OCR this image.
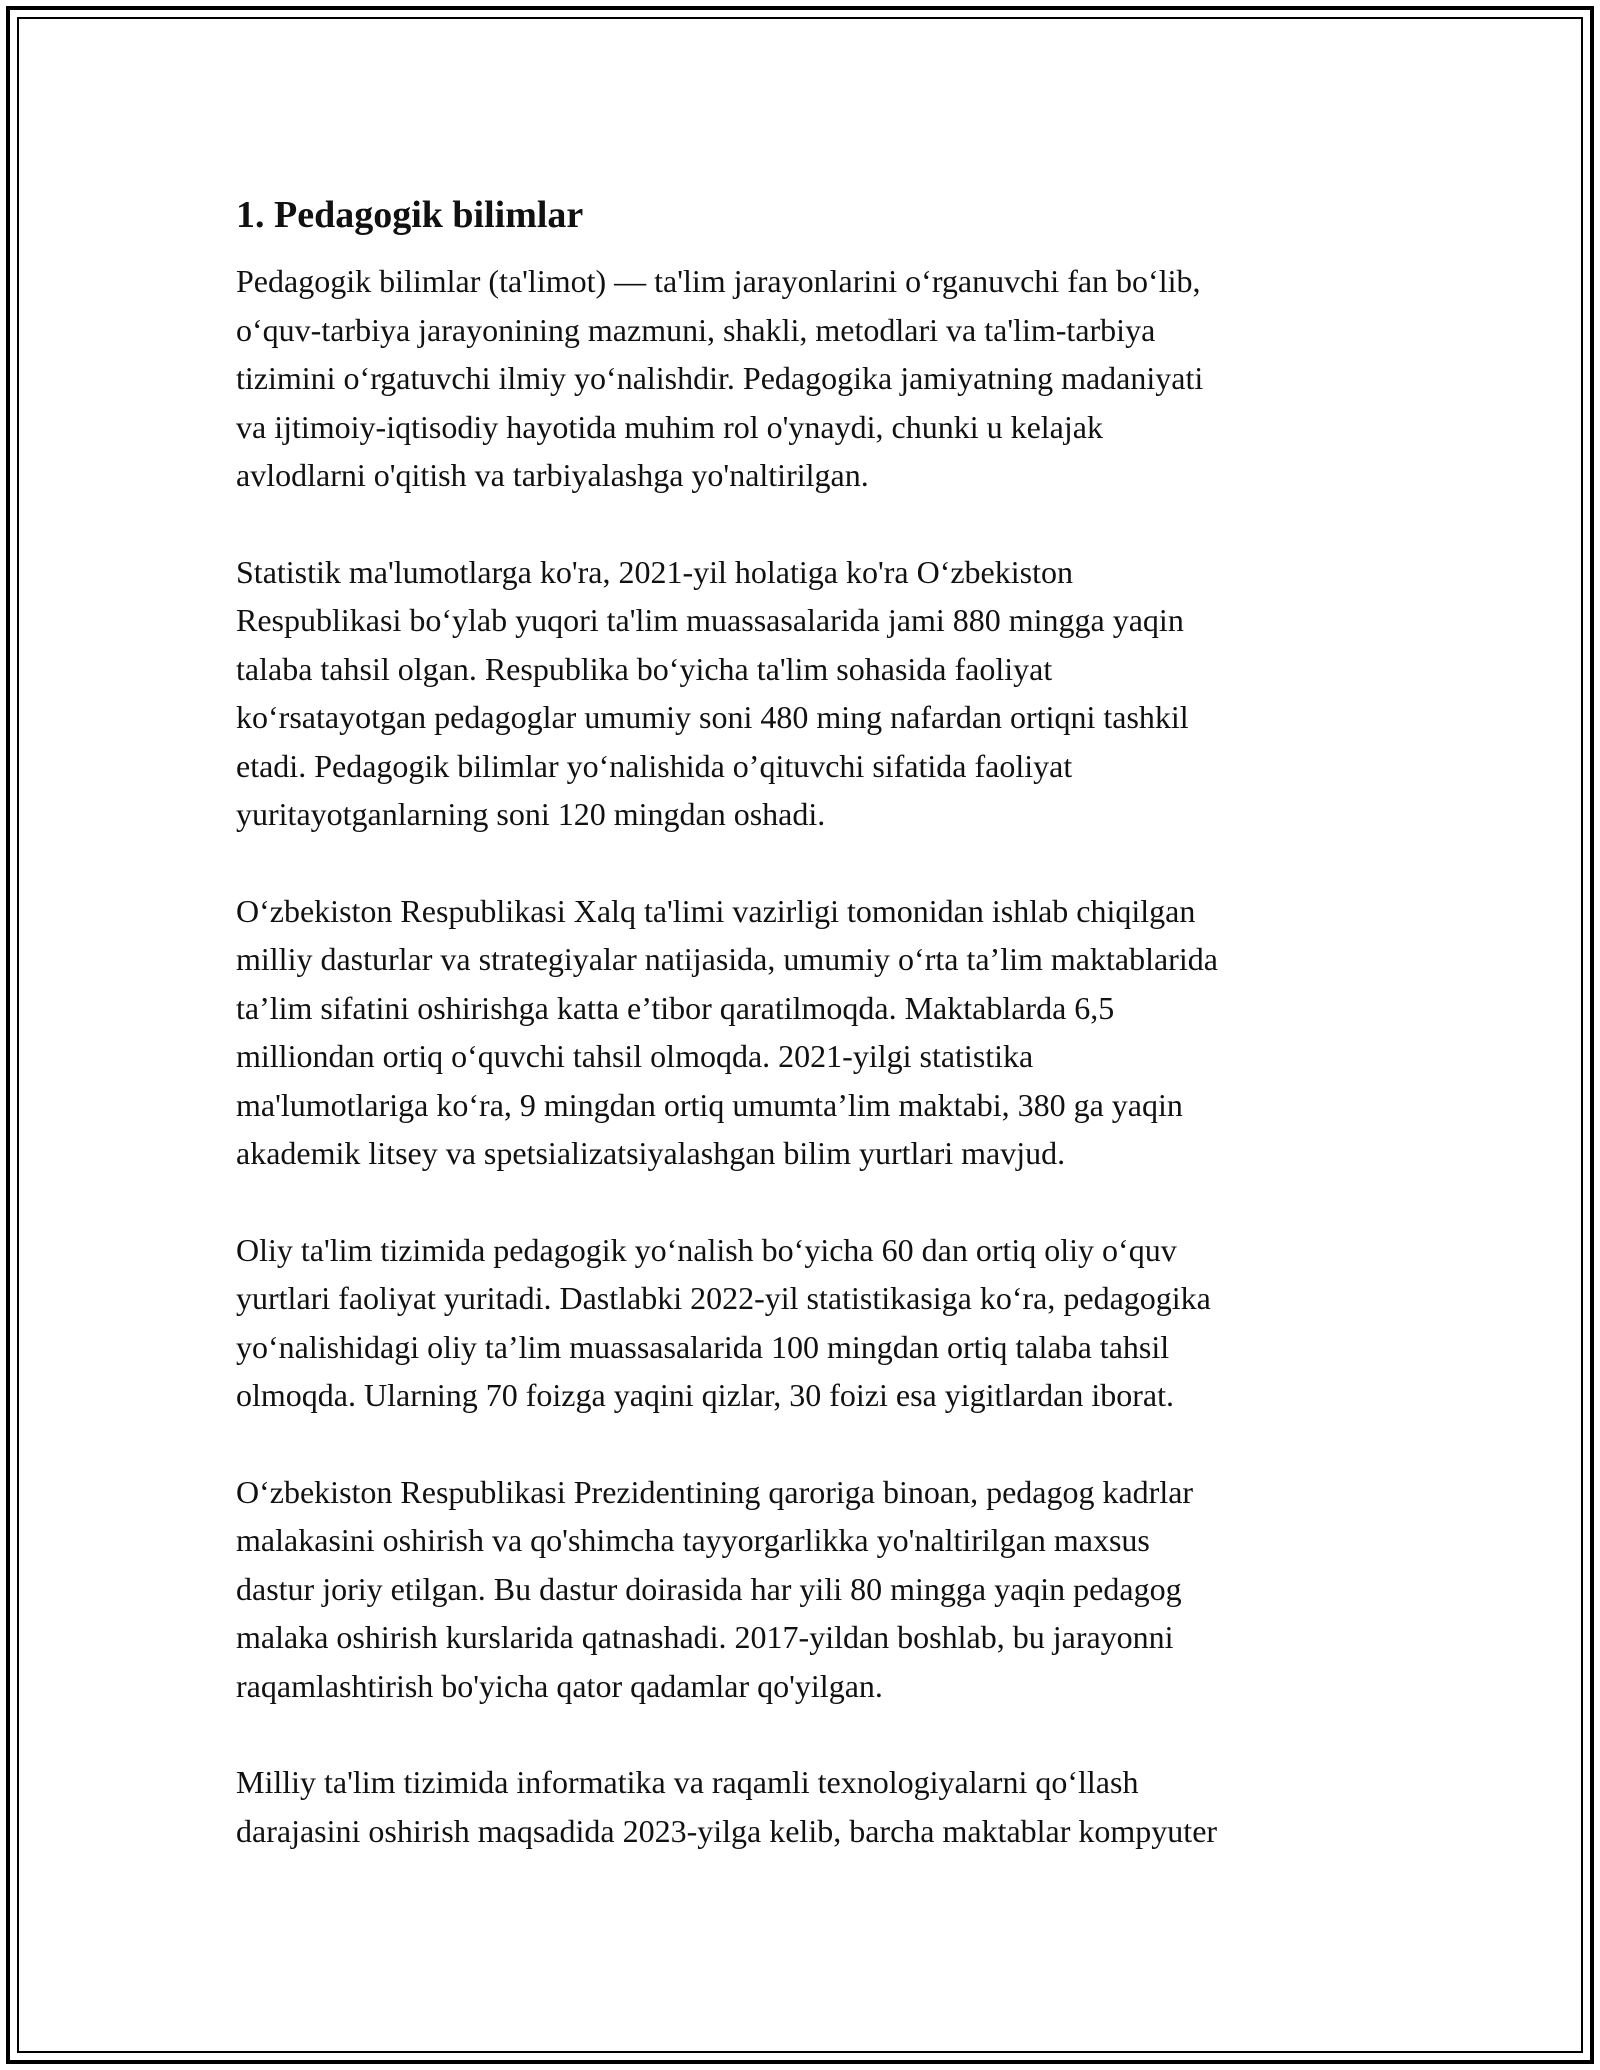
1. Pedagogik bilimlar

Pedagogik bilimlar (ta'limot) — ta'lim jarayonlarini o‘rganuvchi fan bo‘lib,
o‘quv-tarbiya jarayonining mazmuni, shakli, metodlari va ta'lim-tarbiya
tizimini o‘rgatuvchi ilmiy yo‘nalishdir. Pedagogika jamiyatning madaniyati
va ijtimoiy-iqtisodiy hayotida muhim rol o'ynaydi, chunki u kelajak
avlodlarni o'qitish va tarbiyalashga yo'naltirilgan.

Statistik ma'lumotlarga ko'ra, 2021-yil holatiga ko'ra O‘zbekiston
Respublikasi bo‘ylab yuqori ta'lim muassasalarida jami 880 mingga yaqin
talaba tahsil olgan. Respublika bo‘yicha ta'lim sohasida faoliyat
ko‘rsatayotgan pedagoglar umumiy soni 480 ming nafardan ortiqni tashkil
etadi. Pedagogik bilimlar yo‘nalishida o’qituvchi sifatida faoliyat
yuritayotganlarning soni 120 mingdan oshadi.

O‘zbekiston Respublikasi Xalq ta'limi vazirligi tomonidan ishlab chiqilgan
milliy dasturlar va strategiyalar natijasida, umumiy o‘rta ta’lim maktablarida
ta’lim sifatini oshirishga katta e’tibor qaratilmoqda. Maktablarda 6,5
milliondan ortiq o‘quvchi tahsil olmoqda. 2021-yilgi statistika
ma'lumotlariga ko‘ra, 9 mingdan ortiq umumta’lim maktabi, 380 ga yaqin
akademik litsey va spetsializatsiyalashgan bilim yurtlari mavjud.

Oliy ta'lim tizimida pedagogik yo‘nalish bo‘yicha 60 dan ortiq oliy o‘quv
yurtlari faoliyat yuritadi. Dastlabki 2022-yil statistikasiga ko‘ra, pedagogika
yo‘nalishidagi oliy ta’lim muassasalarida 100 mingdan ortiq talaba tahsil
olmoqda. Ularning 70 foizga yaqini qizlar, 30 foizi esa yigitlardan iborat.

O‘zbekiston Respublikasi Prezidentining qaroriga binoan, pedagog kadrlar
malakasini oshirish va qo'shimcha tayyorgarlikka yo'naltirilgan maxsus
dastur joriy etilgan. Bu dastur doirasida har yili 80 mingga yaqin pedagog
malaka oshirish kurslarida qatnashadi. 2017-yildan boshlab, bu jarayonni
raqamlashtirish bo'yicha qator qadamlar qo'yilgan.

Milliy ta'lim tizimida informatika va raqamli texnologiyalarni qo‘llash
darajasini oshirish maqsadida 2023-yilga kelib, barcha maktablar kompyuter
